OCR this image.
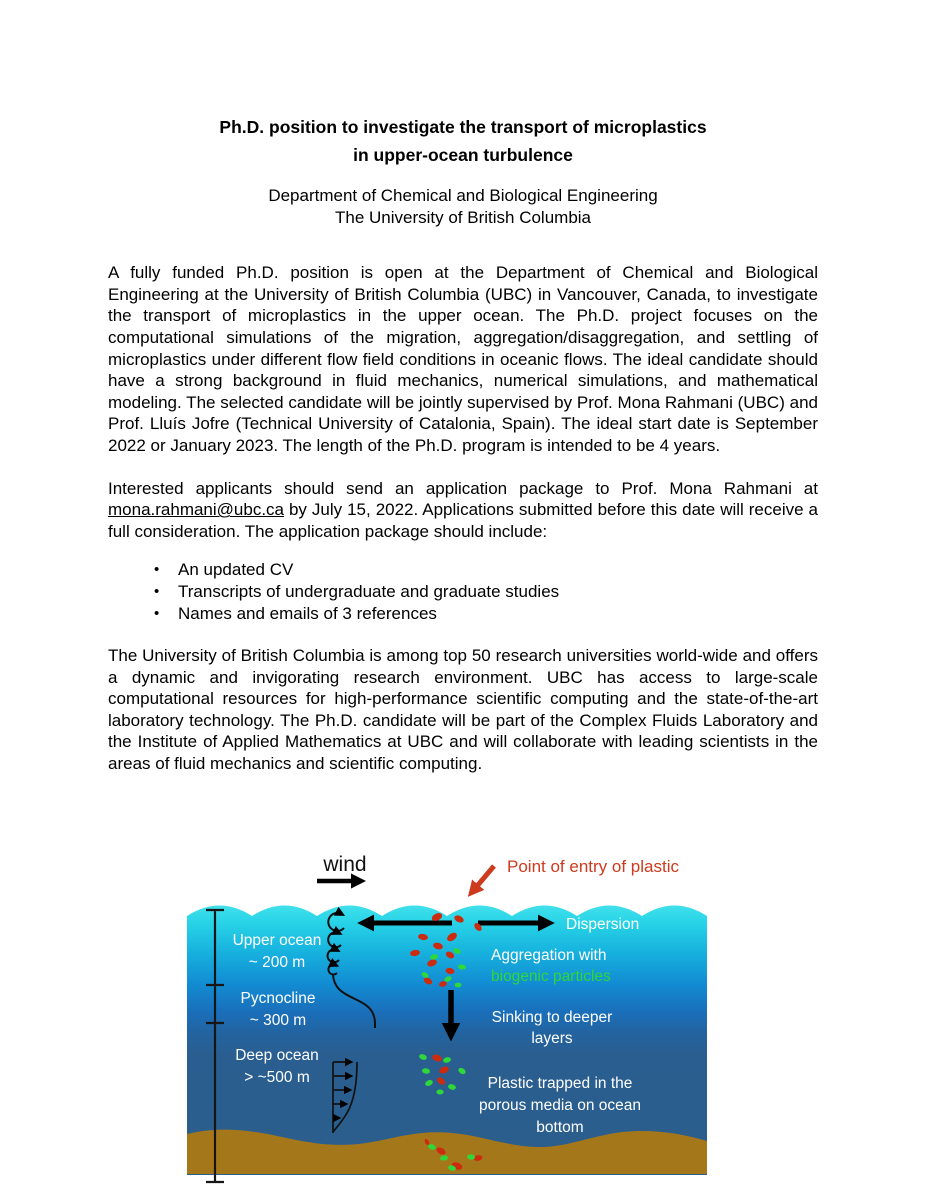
Ph.D. position to investigate the transport of microplastics
in upper-ocean turbulence
Department of Chemical and Biological Engineering
The University of British Columbia

A fully funded Ph.D. position is open at the Department of Chemical and Biological Engineering at the University of British Columbia (UBC) in Vancouver, Canada, to investigate the transport of microplastics in the upper ocean. The Ph.D. project focuses on the computational simulations of the migration, aggregation/disaggregation, and settling of microplastics under different flow field conditions in oceanic flows. The ideal candidate should have a strong background in fluid mechanics, numerical simulations, and mathematical modeling. The selected candidate will be jointly supervised by Prof. Mona Rahmani (UBC) and Prof. Lluís Jofre (Technical University of Catalonia, Spain). The ideal start date is September 2022 or January 2023. The length of the Ph.D. program is intended to be 4 years.

Interested applicants should send an application package to Prof. Mona Rahmani at mona.rahmani@ubc.ca by July 15, 2022. Applications submitted before this date will receive a full consideration. The application package should include:

• An updated CV
• Transcripts of undergraduate and graduate studies
• Names and emails of 3 references

The University of British Columbia is among top 50 research universities world-wide and offers a dynamic and invigorating research environment. UBC has access to large-scale computational resources for high-performance scientific computing and the state-of-the-art laboratory technology. The Ph.D. candidate will be part of the Complex Fluids Laboratory and the Institute of Applied Mathematics at UBC and will collaborate with leading scientists in the areas of fluid mechanics and scientific computing.

wind	Point of entry of plastic
Dispersion
Aggregation with
biogenic particles
Sinking to deeper
layers
Upper ocean
~ 200 m
Pycnocline
~ 300 m
Deep ocean
> ~500 m	Plastic trapped in the
porous media on ocean
bottom
